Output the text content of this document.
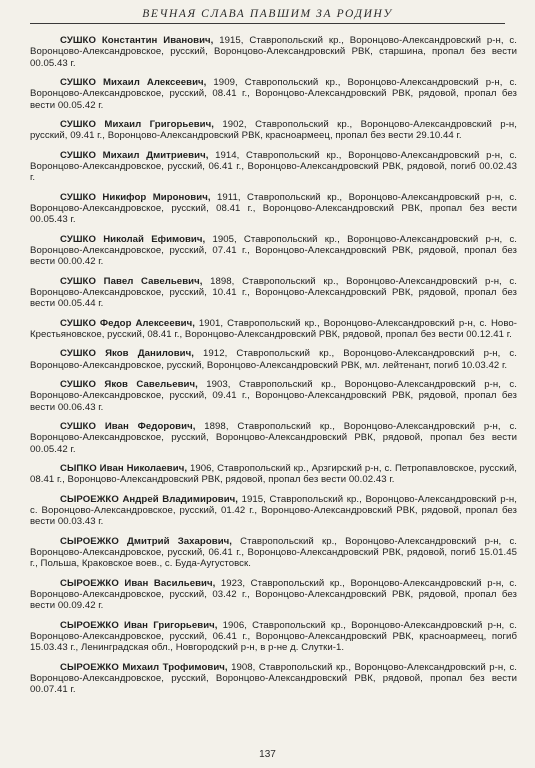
ВЕЧНАЯ СЛАВА ПАВШИМ ЗА РОДИНУ

СУШКО Константин Иванович, 1915, Ставропольский кр., Воронцово-Александровский р-н, с. Воронцово-Александровское, русский, Воронцово-Александровский РВК, старшина, пропал без вести 00.05.43 г.

СУШКО Михаил Алексеевич, 1909, Ставропольский кр., Воронцово-Александровский р-н, с. Воронцово-Александровское, русский, 08.41 г., Воронцово-Александровский РВК, рядовой, пропал без вести 00.05.42 г.

СУШКО Михаил Григорьевич, 1902, Ставропольский кр., Воронцово-Александровский р-н, русский, 09.41 г., Воронцово-Александровский РВК, красноармеец, пропал без вести 29.10.44 г.

СУШКО Михаил Дмитриевич, 1914, Ставропольский кр., Воронцово-Александровский р-н, с. Воронцово-Александровское, русский, 06.41 г., Воронцово-Александровский РВК, рядовой, погиб 00.02.43 г.

СУШКО Никифор Миронович, 1911, Ставропольский кр., Воронцово-Александровский р-н, с. Воронцово-Александровское, русский, 08.41 г., Воронцово-Александровский РВК, пропал без вести 00.05.43 г.

СУШКО Николай Ефимович, 1905, Ставропольский кр., Воронцово-Александровский р-н, с. Воронцово-Александровское, русский, 07.41 г., Воронцово-Александровский РВК, рядовой, пропал без вести 00.00.42 г.

СУШКО Павел Савельевич, 1898, Ставропольский кр., Воронцово-Александровский р-н, с. Воронцово-Александровское, русский, 10.41 г., Воронцово-Александровский РВК, рядовой, пропал без вести 00.05.44 г.

СУШКО Федор Алексеевич, 1901, Ставропольский кр., Воронцово-Александровский р-н, с. Ново-Крестьяновское, русский, 08.41 г., Воронцово-Александровский РВК, рядовой, пропал без вести 00.12.41 г.

СУШКО Яков Данилович, 1912, Ставропольский кр., Воронцово-Александровский р-н, с. Воронцово-Александровское, русский, Воронцово-Александровский РВК, мл. лейтенант, погиб 10.03.42 г.

СУШКО Яков Савельевич, 1903, Ставропольский кр., Воронцово-Александровский р-н, с. Воронцово-Александровское, русский, 09.41 г., Воронцово-Александровский РВК, рядовой, пропал без вести 00.06.43 г.

СУШКО Иван Федорович, 1898, Ставропольский кр., Воронцово-Александровский р-н, с. Воронцово-Александровское, русский, Воронцово-Александровский РВК, рядовой, пропал без вести 00.05.42 г.

СЫПКО Иван Николаевич, 1906, Ставропольский кр., Арзгирский р-н, с. Петропавловское, русский, 08.41 г., Воронцово-Александровский РВК, рядовой, пропал без вести 00.02.43 г.

СЫРОЕЖКО Андрей Владимирович, 1915, Ставропольский кр., Воронцово-Александровский р-н, с. Воронцово-Александровское, русский, 01.42 г., Воронцово-Александровский РВК, рядовой, пропал без вести 00.03.43 г.

СЫРОЕЖКО Дмитрий Захарович, Ставропольский кр., Воронцово-Александровский р-н, с. Воронцово-Александровское, русский, 06.41 г., Воронцово-Александровский РВК, рядовой, погиб 15.01.45 г., Польша, Краковское воев., с. Буда-Аугустовск.

СЫРОЕЖКО Иван Васильевич, 1923, Ставропольский кр., Воронцово-Александровский р-н, с. Воронцово-Александровское, русский, 03.42 г., Воронцово-Александровский РВК, рядовой, пропал без вести 00.09.42 г.

СЫРОЕЖКО Иван Григорьевич, 1906, Ставропольский кр., Воронцово-Александровский р-н, с. Воронцово-Александровское, русский, 06.41 г., Воронцово-Александровский РВК, красноармеец, погиб 15.03.43 г., Ленинградская обл., Новгородский р-н, в р-не д. Слутки-1.

СЫРОЕЖКО Михаил Трофимович, 1908, Ставропольский кр., Воронцово-Александровский р-н, с. Воронцово-Александровское, русский, Воронцово-Александровский РВК, рядовой, пропал без вести 00.07.41 г.

137
